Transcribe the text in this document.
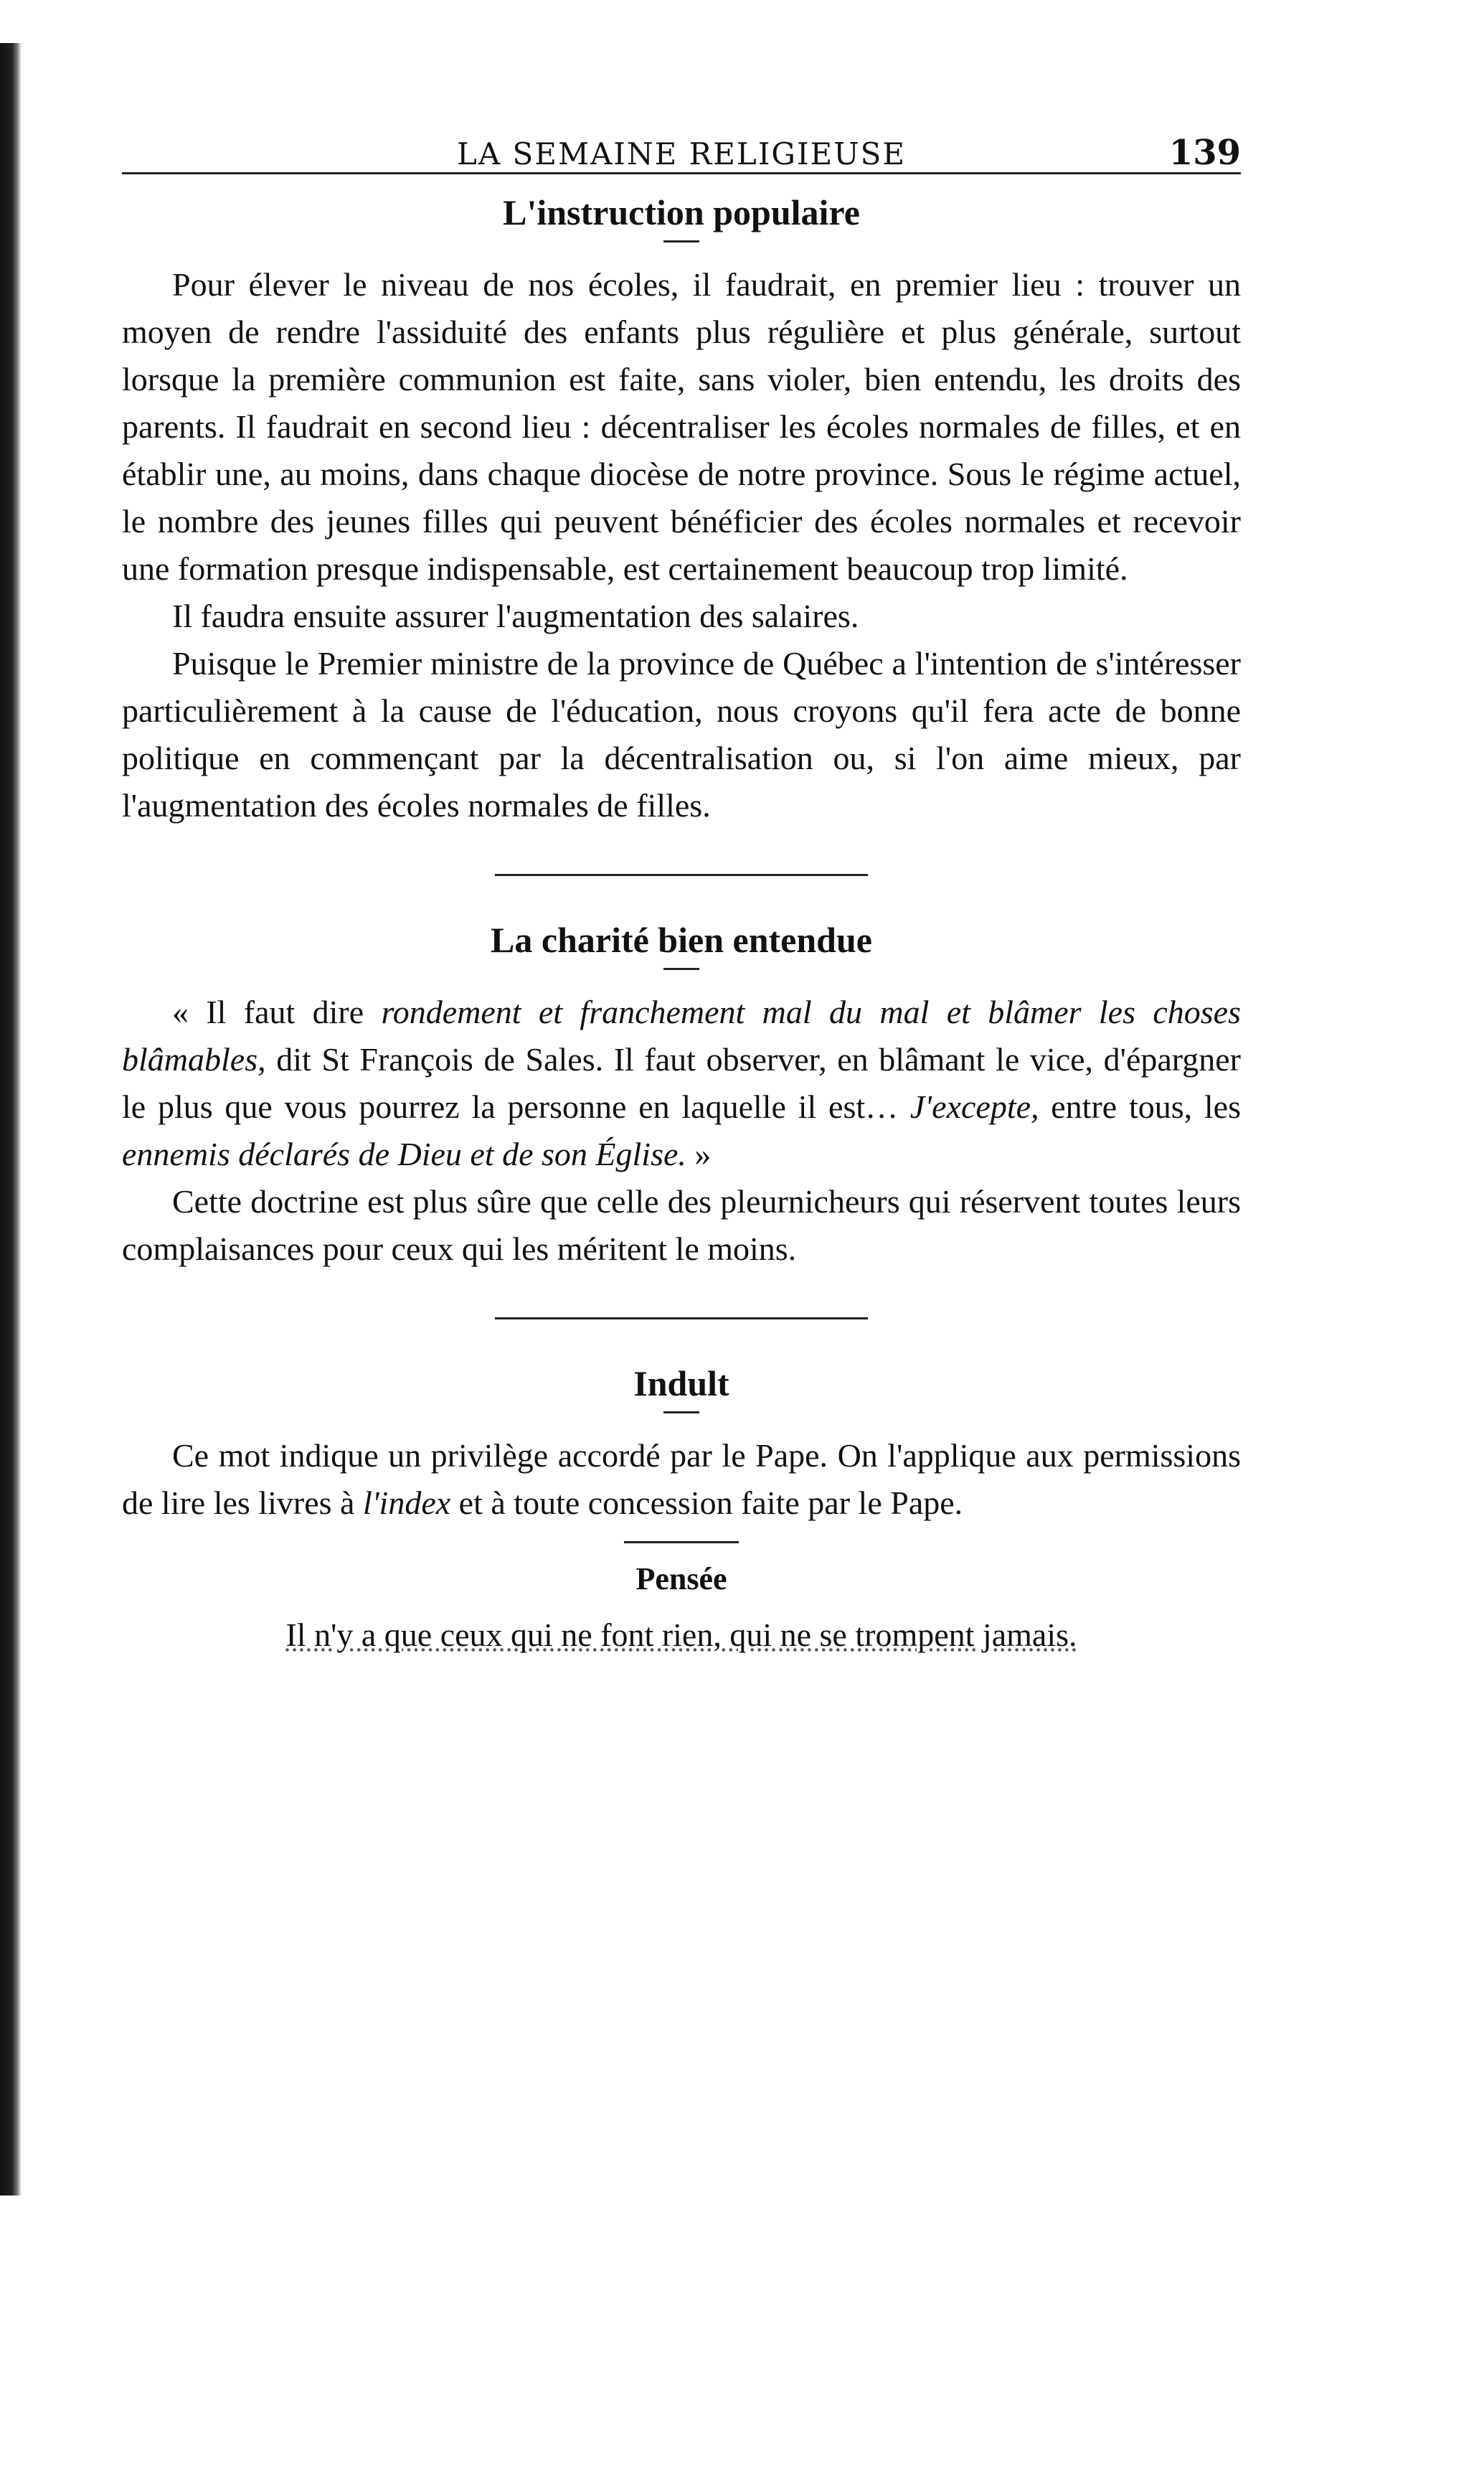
LA SEMAINE RELIGIEUSE	139
L'instruction populaire

Pour élever le niveau de nos écoles, il faudrait, en premier lieu : trouver un moyen de rendre l'assiduité des enfants plus régulière et plus générale, surtout lorsque la première communion est faite, sans violer, bien entendu, les droits des parents. Il faudrait en second lieu : décentraliser les écoles normales de filles, et en établir une, au moins, dans chaque diocèse de notre province. Sous le régime actuel, le nombre des jeunes filles qui peuvent bénéficier des écoles normales et recevoir une formation presque indispensable, est certainement beaucoup trop limité.

Il faudra ensuite assurer l'augmentation des salaires.

Puisque le Premier ministre de la province de Québec a l'intention de s'intéresser particulièrement à la cause de l'éducation, nous croyons qu'il fera acte de bonne politique en commençant par la décentralisation ou, si l'on aime mieux, par l'augmentation des écoles normales de filles.

La charité bien entendue

« Il faut dire rondement et franchement mal du mal et blâmer les choses blâmables, dit St François de Sales. Il faut observer, en blâmant le vice, d'épargner le plus que vous pourrez la personne en laquelle il est… J'excepte, entre tous, les ennemis déclarés de Dieu et de son Église. »

Cette doctrine est plus sûre que celle des pleurnicheurs qui réservent toutes leurs complaisances pour ceux qui les méritent le moins.

Indult

Ce mot indique un privilège accordé par le Pape. On l'applique aux permissions de lire les livres à l'index et à toute concession faite par le Pape.

Pensée
Il n'y a que ceux qui ne font rien, qui ne se trompent jamais.
